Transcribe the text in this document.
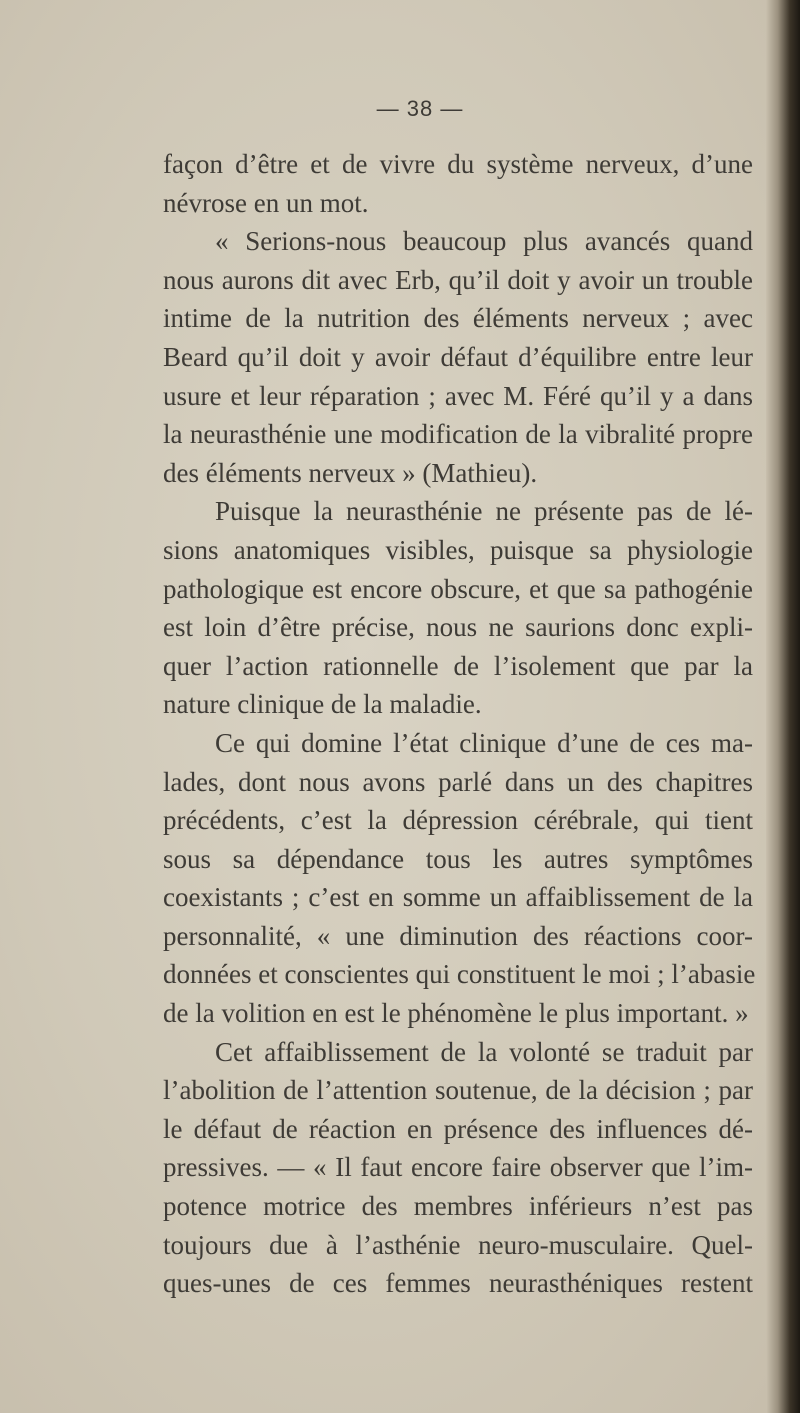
— 38 —
façon d’être et de vivre du système nerveux, d’une
névrose en un mot.
« Serions-nous beaucoup plus avancés quand
nous aurons dit avec Erb, qu’il doit y avoir un trouble
intime de la nutrition des éléments nerveux ; avec
Beard qu’il doit y avoir défaut d’équilibre entre leur
usure et leur réparation ; avec M. Féré qu’il y a dans
la neurasthénie une modification de la vibralité propre
des éléments nerveux » (Mathieu).
Puisque la neurasthénie ne présente pas de lé-
sions anatomiques visibles, puisque sa physiologie
pathologique est encore obscure, et que sa pathogénie
est loin d’être précise, nous ne saurions donc expli-
quer l’action rationnelle de l’isolement que par la
nature clinique de la maladie.
Ce qui domine l’état clinique d’une de ces ma-
lades, dont nous avons parlé dans un des chapitres
précédents, c’est la dépression cérébrale, qui tient
sous sa dépendance tous les autres symptômes
coexistants ; c’est en somme un affaiblissement de la
personnalité, « une diminution des réactions coor-
données et conscientes qui constituent le moi ; l’abasie
de la volition en est le phénomène le plus important. »
Cet affaiblissement de la volonté se traduit par
l’abolition de l’attention soutenue, de la décision ; par
le défaut de réaction en présence des influences dé-
pressives. — « Il faut encore faire observer que l’im-
potence motrice des membres inférieurs n’est pas
toujours due à l’asthénie neuro-musculaire. Quel-
ques-unes de ces femmes neurasthéniques restent
